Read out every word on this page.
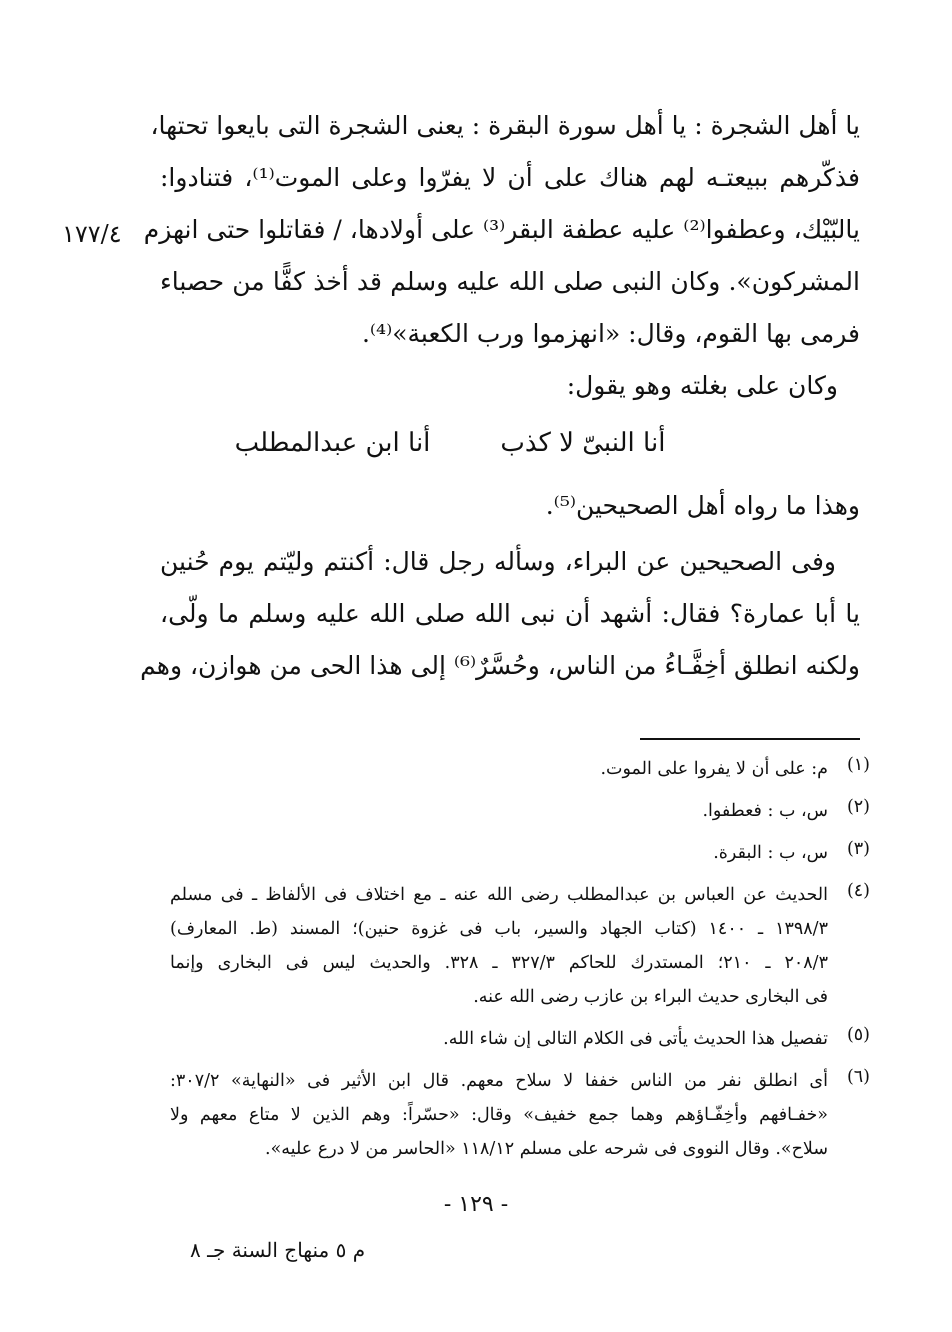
١٧٧/٤
يا أهل الشجرة : يا أهل سورة البقرة : يعنى الشجرة التى بايعوا تحتها،
فذكّرهم ببيعتـه لهم هناك على أن لا يفرّوا وعلى الموت⁽¹⁾، فتنادوا:
ياﻟﺒّﻴْﻚ، وعطفوا⁽²⁾ عليه عطفة البقر⁽³⁾ على أولادها، / فقاتلوا حتى انهزم
المشركون». وكان النبى صلى الله عليه وسلم قد أخذ كفًّا من حصباء
فرمى بها القوم، وقال: «انهزموا ورب الكعبة»⁽⁴⁾.
وكان على بغلته وهو يقول:
أنا النبىّ لا كذب
أنا ابن عبدالمطلب
وهذا ما رواه أهل الصحيحين⁽⁵⁾.
وفى الصحيحين عن البراء، وسأله رجل قال: أكنتم وليّتم يوم حُنين
يا أبا عمارة؟ فقال: أشهد أن نبى الله صلى الله عليه وسلم ما ولّى،
ولكنه انطلق أخِفَّـاءُ من الناس، وحُسَّرٌ⁽⁶⁾ إلى هذا الحى من هوازن، وهم
(١)
م: على أن لا يفروا على الموت.
(٢)
س، ب : فعطفوا.
(٣)
س، ب : البقرة.
(٤)
الحديث عن العباس بن عبدالمطلب رضى الله عنه ـ مع اختلاف فى الألفاظ ـ فى مسلم
١٣٩٨/٣ ـ ١٤٠٠ (كتاب الجهاد والسير، باب فى غزوة حنين)؛ المسند (ط. المعارف)
٢٠٨/٣ ـ ٢١٠؛ المستدرك للحاكم ٣٢٧/٣ ـ ٣٢٨. والحديث ليس فى البخارى وإنما
فى البخارى حديث البراء بن عازب رضى الله عنه.
(٥)
تفصيل هذا الحديث يأتى فى الكلام التالى إن شاء الله.
(٦)
أى انطلق نفر من الناس خففا لا سلاح معهم. قال ابن الأثير فى «النهاية» ٣٠٧/٢:
«خفـافهم وأخِفّـاؤهم وهما جمع خفيف» وقال: «حسّراً: وهم الذين لا متاع معهم ولا
سلاح». وقال النووى فى شرحه على مسلم ١١٨/١٢ «الحاسر من لا درع عليه».
- ١٢٩ -
م ٥ منهاج السنة جـ ٨
